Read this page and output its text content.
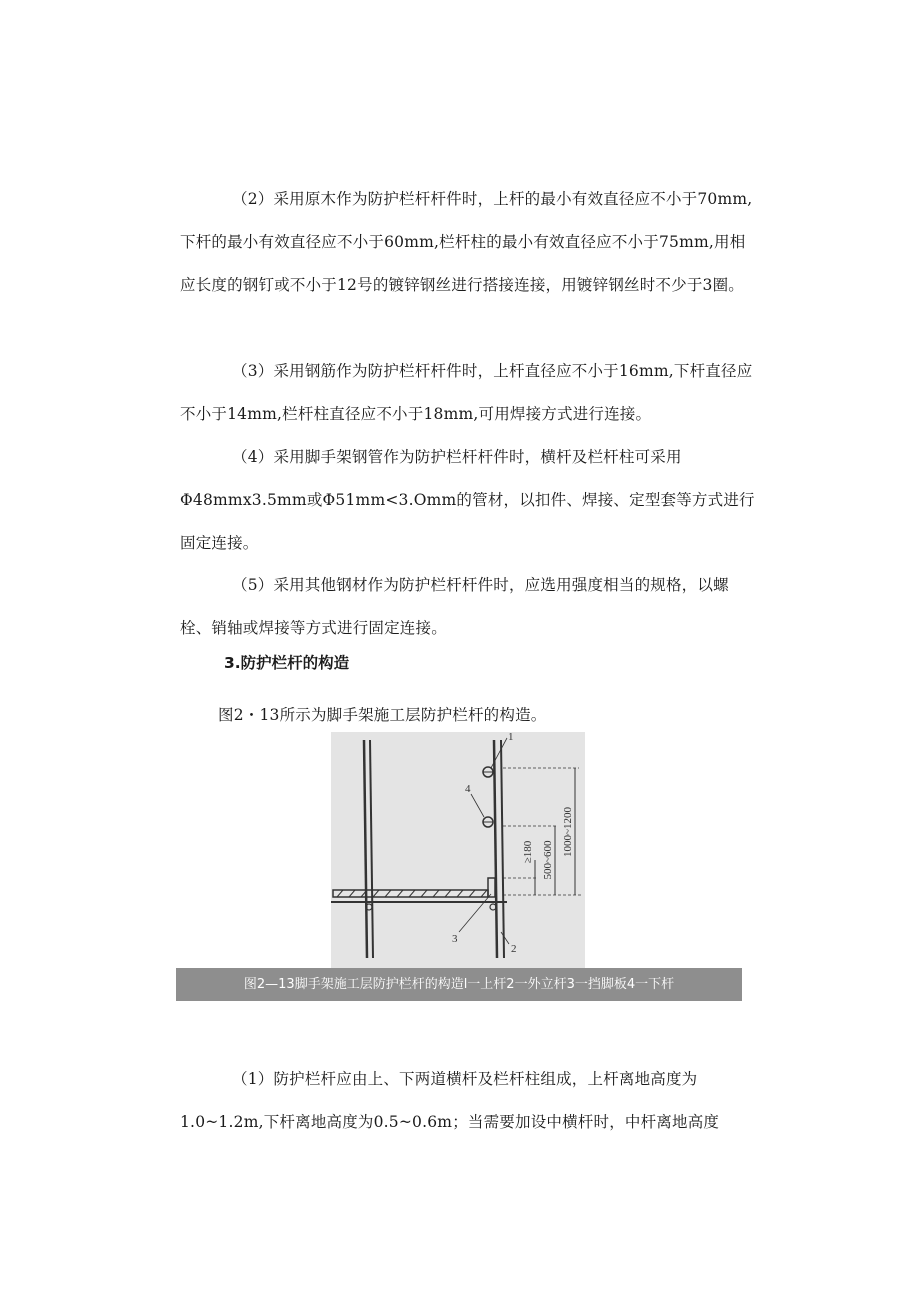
（2）采用原木作为防护栏杆杆件时，上杆的最小有效直径应不小于70mm,下杆的最小有效直径应不小于60mm,栏杆柱的最小有效直径应不小于75mm,用相应长度的钢钉或不小于12号的镀锌钢丝进行搭接连接，用镀锌钢丝时不少于3圈。

（3）采用钢筋作为防护栏杆杆件时，上杆直径应不小于16mm,下杆直径应不小于14mm,栏杆柱直径应不小于18mm,可用焊接方式进行连接。

（4）采用脚手架钢管作为防护栏杆杆件时，横杆及栏杆柱可采用Φ48mmx3.5mm或Φ51mm<3.Omm的管材，以扣件、焊接、定型套等方式进行固定连接。

（5）采用其他钢材作为防护栏杆杆件时，应选用强度相当的规格，以螺栓、销轴或焊接等方式进行固定连接。

3.防护栏杆的构造

图2・13所示为脚手架施工层防护栏杆的构造。

1000~1200
500~600
≥180
1
4
3
2
图2—13脚手架施工层防护栏杆的构造l一上杆2一外立杆3一挡脚板4一下杆

（1）防护栏杆应由上、下两道横杆及栏杆柱组成，上杆离地高度为1.0~1.2m,下杆离地高度为0.5~0.6m；当需要加设中横杆时，中杆离地高度
